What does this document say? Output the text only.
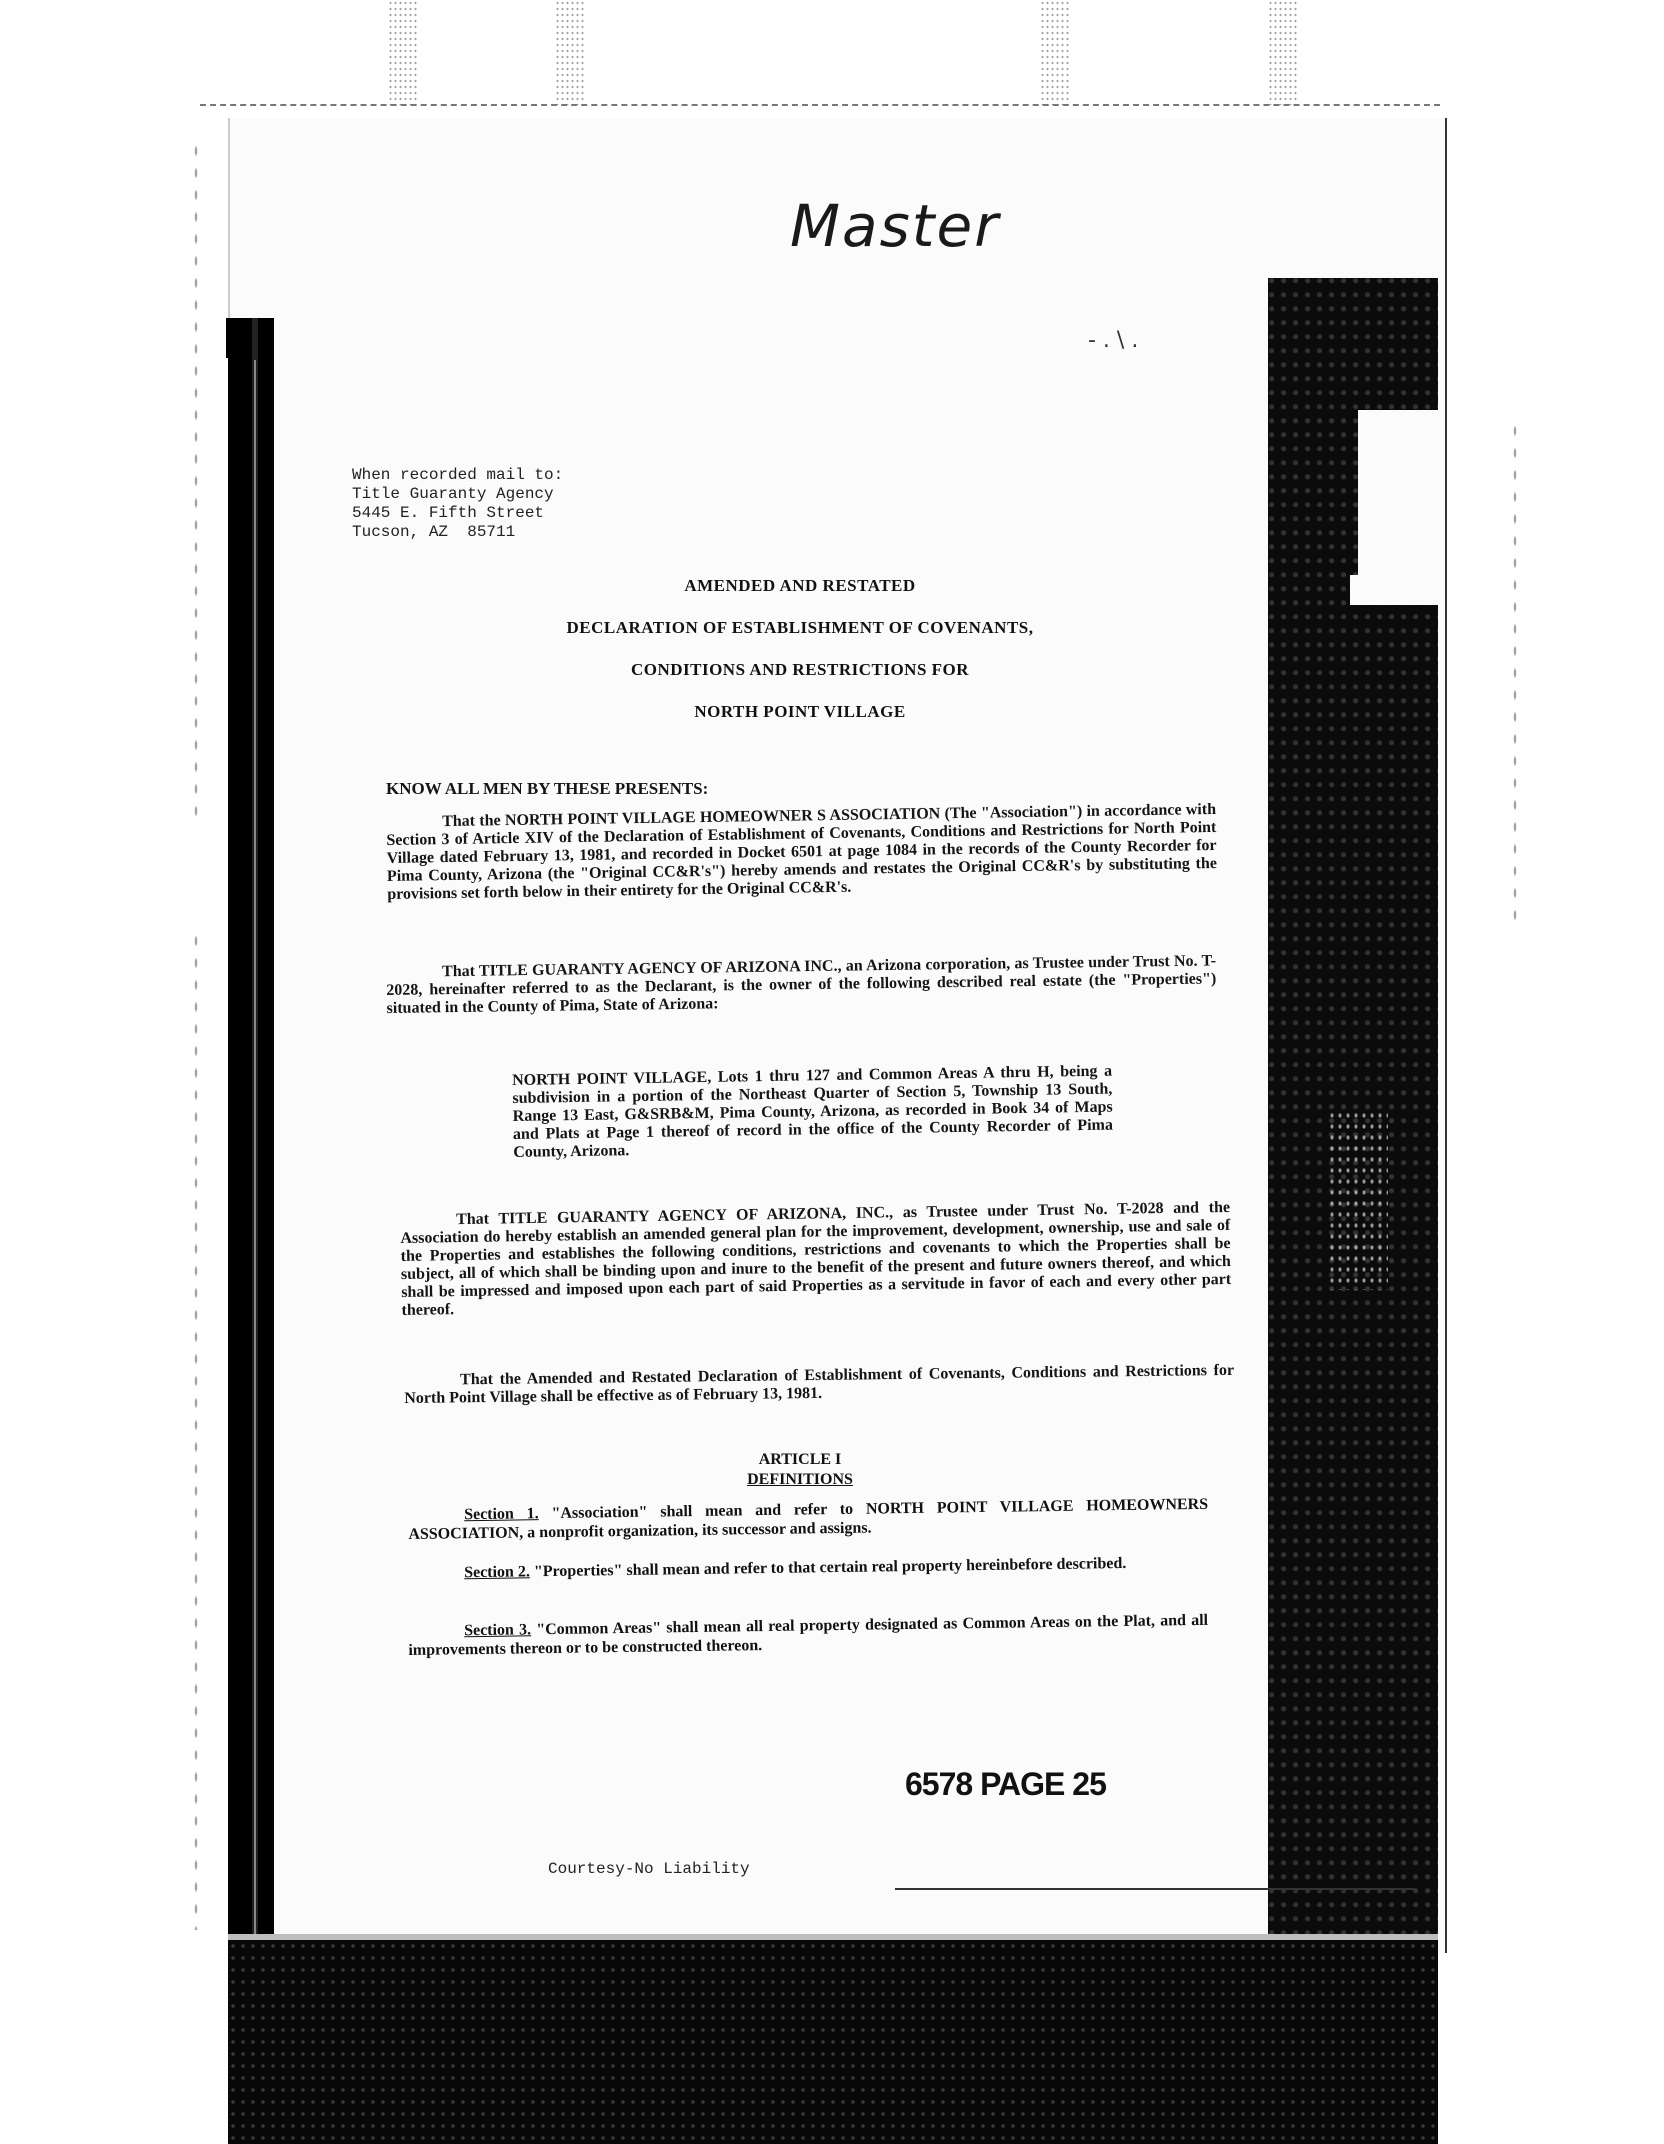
Master
- . \ .
When recorded mail to:
Title Guaranty Agency
5445 E. Fifth Street
Tucson, AZ  85711
AMENDED AND RESTATED
DECLARATION OF ESTABLISHMENT OF COVENANTS,
CONDITIONS AND RESTRICTIONS FOR
NORTH POINT VILLAGE

KNOW ALL MEN BY THESE PRESENTS:

That the NORTH POINT VILLAGE HOMEOWNER S ASSOCIATION (The "Association") in accordance with Section 3 of Article XIV of the Declaration of Establishment of Covenants, Conditions and Restrictions for North Point Village dated February 13, 1981, and recorded in Docket 6501 at page 1084 in the records of the County Recorder for Pima County, Arizona (the "Original CC&R's") hereby amends and restates the Original CC&R's by substituting the provisions set forth below in their entirety for the Original CC&R's.

That TITLE GUARANTY AGENCY OF ARIZONA INC., an Arizona corporation, as Trustee under Trust No. T-2028, hereinafter referred to as the Declarant, is the owner of the following described real estate (the "Properties") situated in the County of Pima, State of Arizona:

NORTH POINT VILLAGE, Lots 1 thru 127 and Common Areas A thru H, being a subdivision in a portion of the Northeast Quarter of Section 5, Township 13 South, Range 13 East, G&SRB&M, Pima County, Arizona, as recorded in Book 34 of Maps and Plats at Page 1 thereof of record in the office of the County Recorder of Pima County, Arizona.

That TITLE GUARANTY AGENCY OF ARIZONA, INC., as Trustee under Trust No. T-2028 and the Association do hereby establish an amended general plan for the improvement, development, ownership, use and sale of the Properties and establishes the following conditions, restrictions and covenants to which the Properties shall be subject, all of which shall be binding upon and inure to the benefit of the present and future owners thereof, and which shall be impressed and imposed upon each part of said Properties as a servitude in favor of each and every other part thereof.

That the Amended and Restated Declaration of Establishment of Covenants, Conditions and Restrictions for North Point Village shall be effective as of February 13, 1981.

ARTICLE I
DEFINITIONS

Section 1. "Association" shall mean and refer to NORTH POINT VILLAGE HOMEOWNERS ASSOCIATION, a nonprofit organization, its successor and assigns.

Section 2. "Properties" shall mean and refer to that certain real property hereinbefore described.

Section 3. "Common Areas" shall mean all real property designated as Common Areas on the Plat, and all improvements thereon or to be constructed thereon.

6578 PAGE 25
Courtesy-No Liability
